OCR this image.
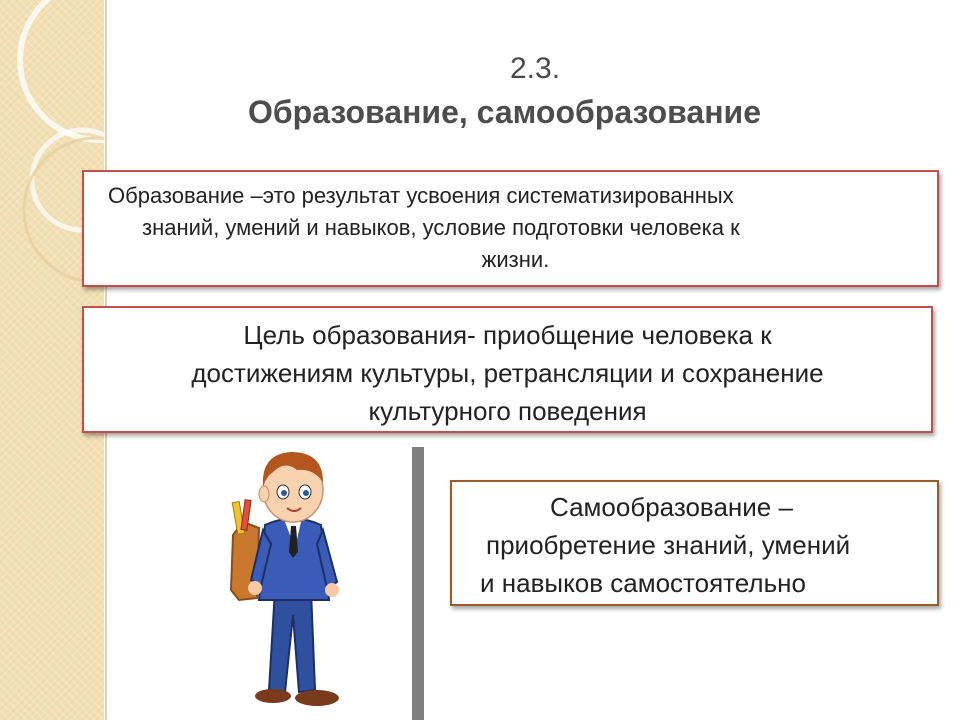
2.3.
Образование, самообразование
Образование –это результат усвоения систематизированных
знаний, умений и навыков, условие подготовки человека к
жизни.
Цель образования- приобщение человека к
достижениям культуры, ретрансляции и сохранение
культурного поведения
Самообразование –
приобретение знаний, умений
и навыков самостоятельно
